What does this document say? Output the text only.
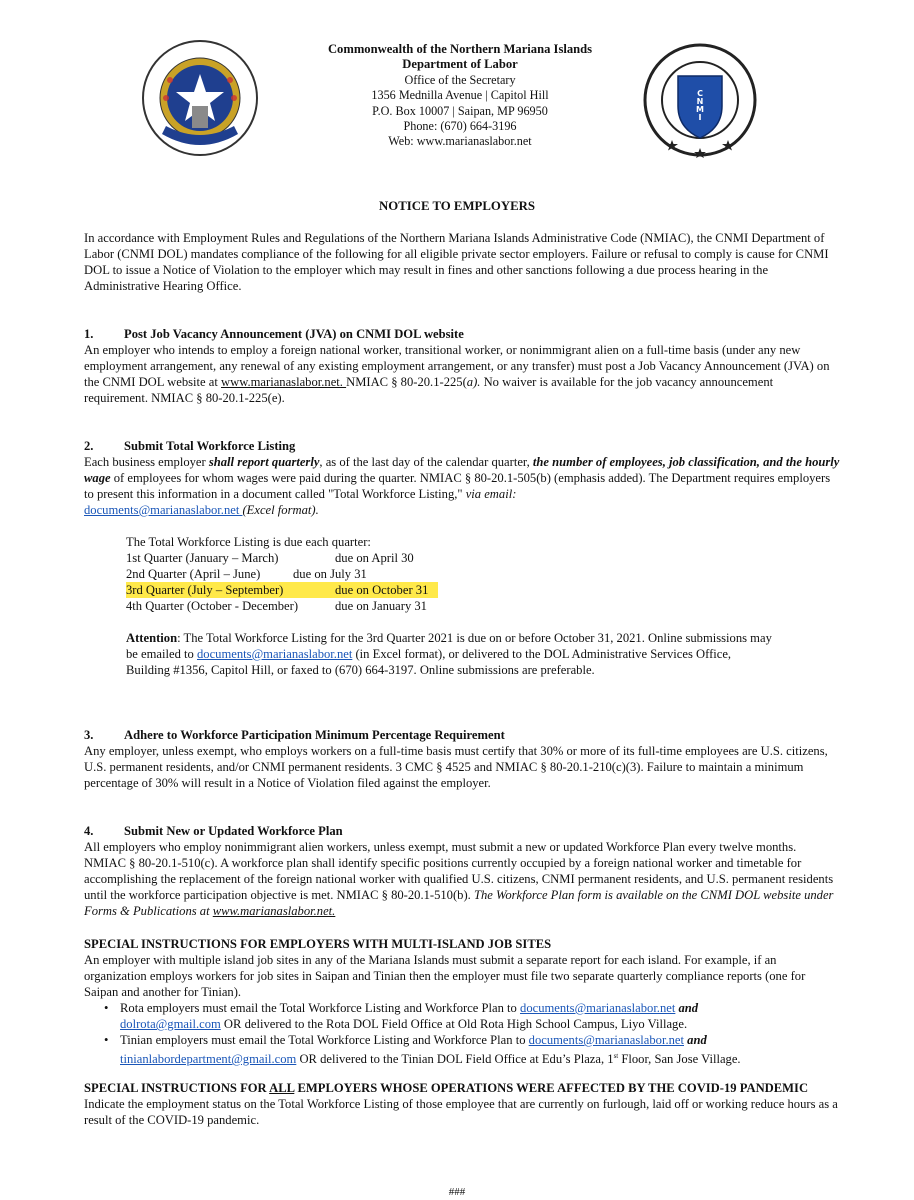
C
N
M
I
Commonwealth of the Northern Mariana Islands
Department of Labor
Office of the Secretary
1356 Mednilla Avenue | Capitol Hill
P.O. Box 10007 | Saipan, MP 96950
Phone: (670) 664-3196
Web: www.marianaslabor.net
NOTICE TO EMPLOYERS
In accordance with Employment Rules and Regulations of the Northern Mariana Islands Administrative Code (NMIAC), the CNMI Department of Labor (CNMI DOL) mandates compliance of the following for all eligible private sector employers. Failure or refusal to comply is cause for CNMI DOL to issue a Notice of Violation to the employer which may result in fines and other sanctions following a due process hearing in the Administrative Hearing Office.
1. Post Job Vacancy Announcement (JVA) on CNMI DOL website
An employer who intends to employ a foreign national worker, transitional worker, or nonimmigrant alien on a full-time basis (under any new employment arrangement, any renewal of any existing employment arrangement, or any transfer) must post a Job Vacancy Announcement (JVA) on the CNMI DOL website at www.marianaslabor.net. NMIAC § 80-20.1-225(a). No waiver is available for the job vacancy announcement requirement. NMIAC § 80-20.1-225(e).
2. Submit Total Workforce Listing
Each business employer shall report quarterly, as of the last day of the calendar quarter, the number of employees, job classification, and the hourly wage of employees for whom wages were paid during the quarter. NMIAC § 80-20.1-505(b) (emphasis added). The Department requires employers to present this information in a document called "Total Workforce Listing," via email:
documents@marianaslabor.net (Excel format).
The Total Workforce Listing is due each quarter:
1st Quarter (January – March)	due on April 30
2nd Quarter (April – June)	due on July 31
3rd Quarter (July – September)	due on October 31
4th Quarter (October - December)	due on January 31
Attention: The Total Workforce Listing for the 3rd Quarter 2021 is due on or before October 31, 2021. Online submissions may be emailed to documents@marianaslabor.net (in Excel format), or delivered to the DOL Administrative Services Office, Building #1356, Capitol Hill, or faxed to (670) 664-3197. Online submissions are preferable.
3. Adhere to Workforce Participation Minimum Percentage Requirement
Any employer, unless exempt, who employs workers on a full-time basis must certify that 30% or more of its full-time employees are U.S. citizens, U.S. permanent residents, and/or CNMI permanent residents. 3 CMC § 4525 and NMIAC § 80-20.1-210(c)(3). Failure to maintain a minimum percentage of 30% will result in a Notice of Violation filed against the employer.
4. Submit New or Updated Workforce Plan
All employers who employ nonimmigrant alien workers, unless exempt, must submit a new or updated Workforce Plan every twelve months. NMIAC § 80-20.1-510(c). A workforce plan shall identify specific positions currently occupied by a foreign national worker and timetable for accomplishing the replacement of the foreign national worker with qualified U.S. citizens, CNMI permanent residents, and U.S. permanent residents until the workforce participation objective is met. NMIAC § 80-20.1-510(b). The Workforce Plan form is available on the CNMI DOL website under Forms & Publications at www.marianaslabor.net.
SPECIAL INSTRUCTIONS FOR EMPLOYERS WITH MULTI-ISLAND JOB SITES
An employer with multiple island job sites in any of the Mariana Islands must submit a separate report for each island. For example, if an organization employs workers for job sites in Saipan and Tinian then the employer must file two separate quarterly compliance reports (one for Saipan and another for Tinian).
• Rota employers must email the Total Workforce Listing and Workforce Plan to documents@marianaslabor.net and
dolrota@gmail.com OR delivered to the Rota DOL Field Office at Old Rota High School Campus, Liyo Village.
• Tinian employers must email the Total Workforce Listing and Workforce Plan to documents@marianaslabor.net and
tinianlabordepartment@gmail.com OR delivered to the Tinian DOL Field Office at Edu’s Plaza, 1st Floor, San Jose Village.
SPECIAL INSTRUCTIONS FOR ALL EMPLOYERS WHOSE OPERATIONS WERE AFFECTED BY THE COVID-19 PANDEMIC
Indicate the employment status on the Total Workforce Listing of those employee that are currently on furlough, laid off or working reduce hours as a result of the COVID-19 pandemic.
###
